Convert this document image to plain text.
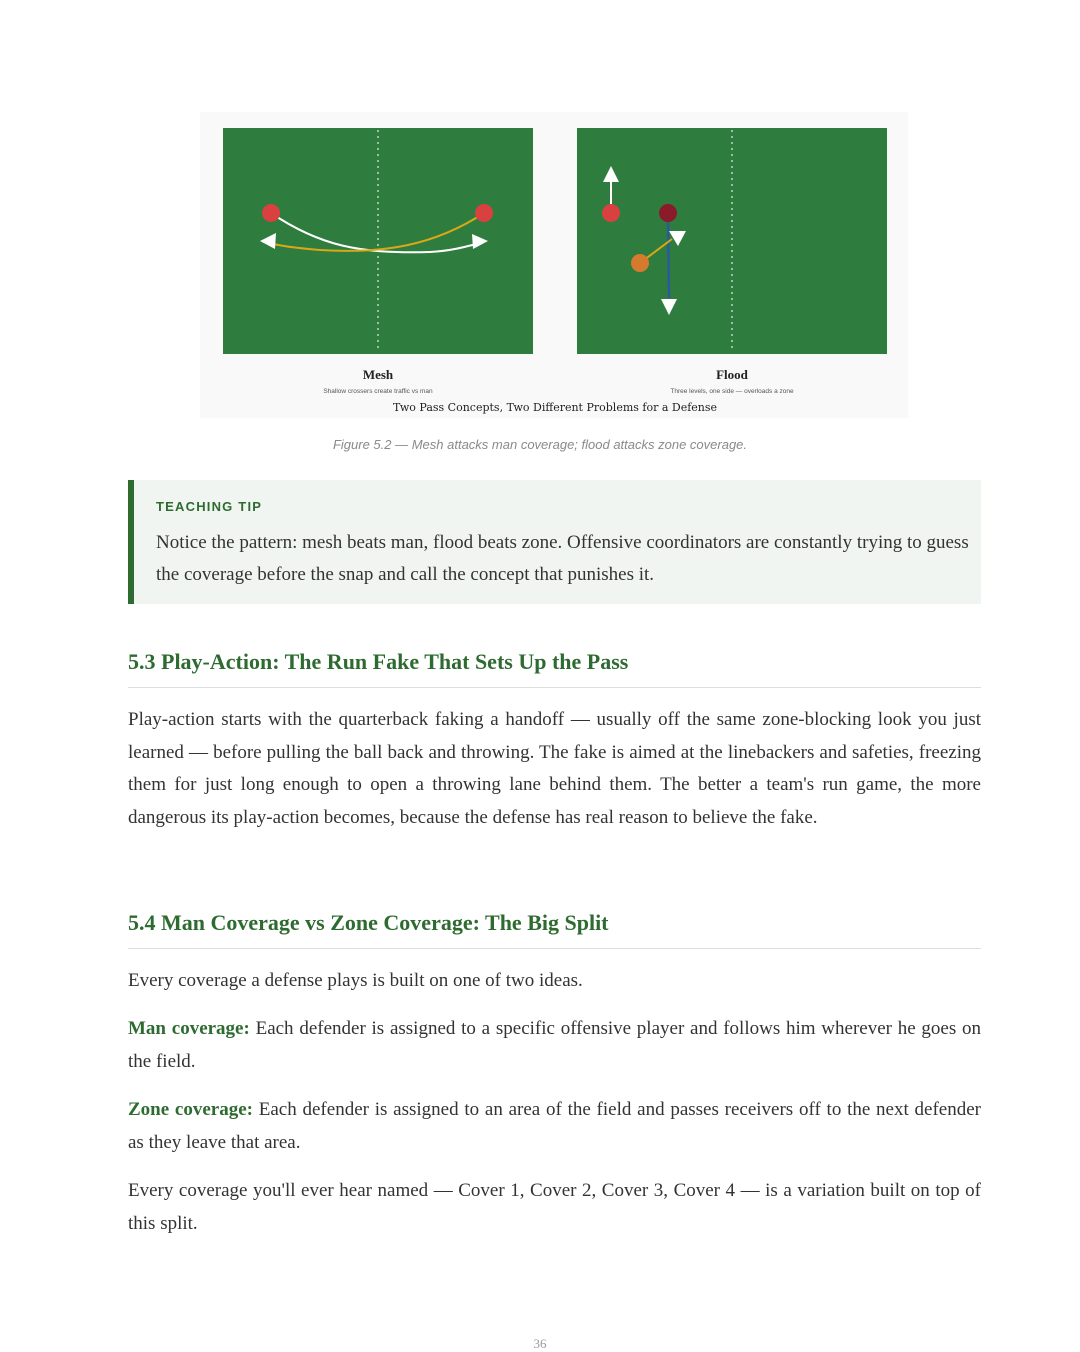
Mesh
Shallow crossers create traffic vs man
Flood
Three levels, one side — overloads a zone
Two Pass Concepts, Two Different Problems for a Defense
Figure 5.2 — Mesh attacks man coverage; flood attacks zone coverage.
TEACHING TIP
Notice the pattern: mesh beats man, flood beats zone. Offensive coordinators are constantly trying to guess the coverage before the snap and call the concept that punishes it.
5.3 Play-Action: The Run Fake That Sets Up the Pass

Play-action starts with the quarterback faking a handoff — usually off the same zone-blocking look you just learned — before pulling the ball back and throwing. The fake is aimed at the linebackers and safeties, freezing them for just long enough to open a throwing lane behind them. The better a team's run game, the more dangerous its play-action becomes, because the defense has real reason to believe the fake.

5.4 Man Coverage vs Zone Coverage: The Big Split

Every coverage a defense plays is built on one of two ideas.

Man coverage: Each defender is assigned to a specific offensive player and follows him wherever he goes on the field.

Zone coverage: Each defender is assigned to an area of the field and passes receivers off to the next defender as they leave that area.

Every coverage you'll ever hear named — Cover 1, Cover 2, Cover 3, Cover 4 — is a variation built on top of this split.

36
